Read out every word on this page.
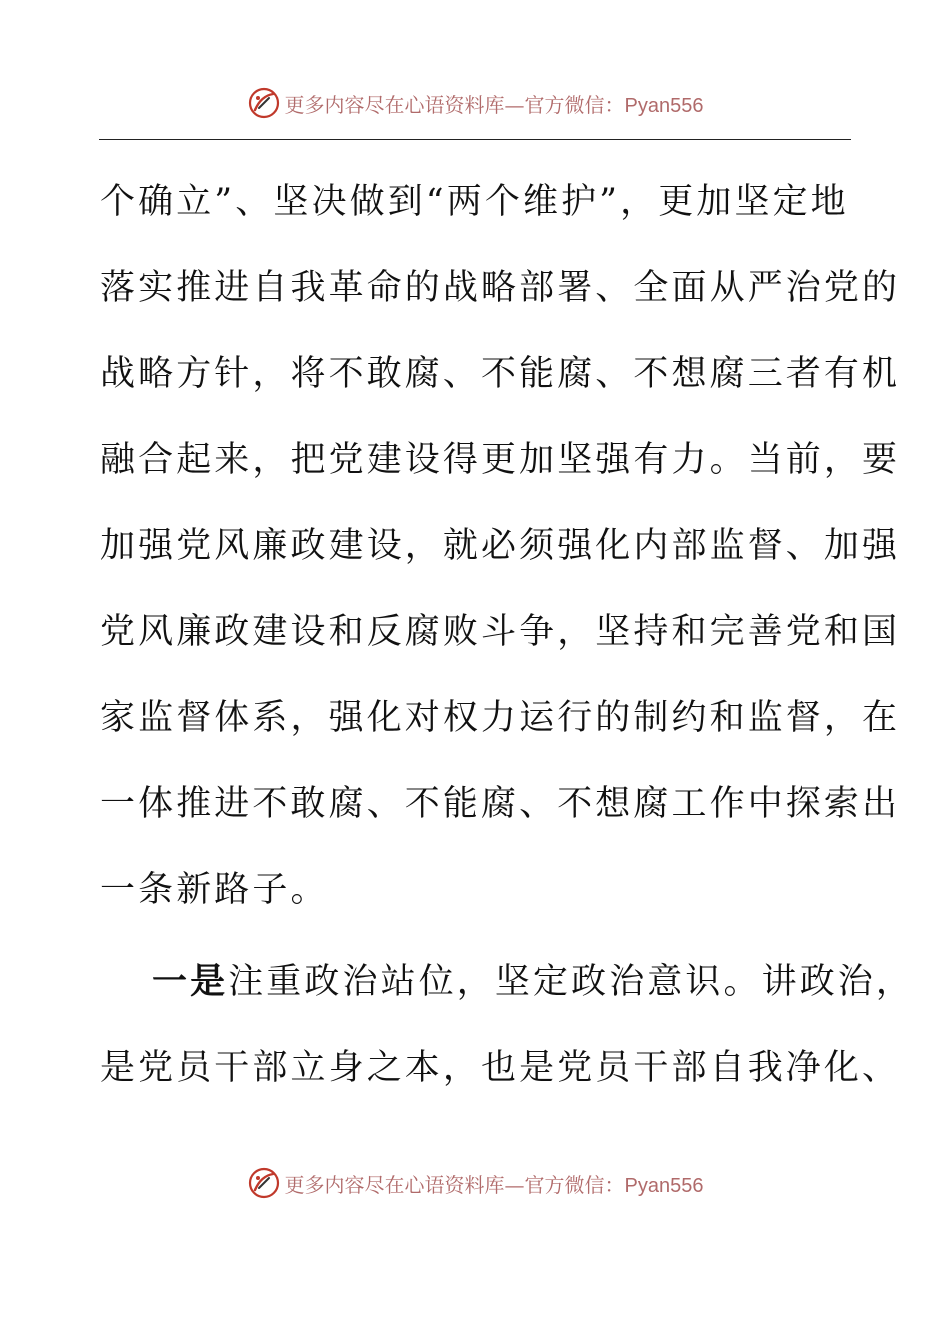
更多内容尽在心语资料库—官方微信：Pyan556
个确立”、坚决做到“两个维护”，更加坚定地
落实推进自我革命的战略部署、全面从严治党的
战略方针，将不敢腐、不能腐、不想腐三者有机
融合起来，把党建设得更加坚强有力。当前，要
加强党风廉政建设，就必须强化内部监督、加强
党风廉政建设和反腐败斗争，坚持和完善党和国
家监督体系，强化对权力运行的制约和监督，在
一体推进不敢腐、不能腐、不想腐工作中探索出
一条新路子。
一是注重政治站位，坚定政治意识。讲政治，
是党员干部立身之本，也是党员干部自我净化、
更多内容尽在心语资料库—官方微信：Pyan556
